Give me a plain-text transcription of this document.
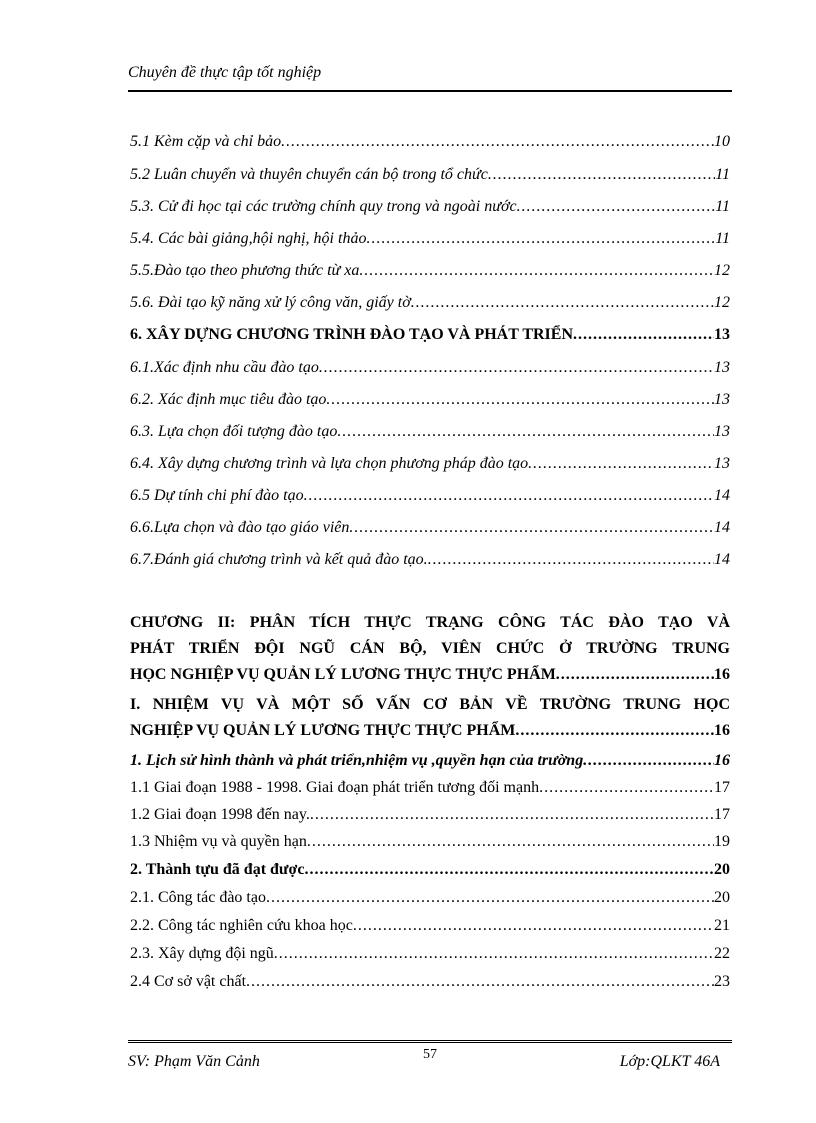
Chuyên đề thực tập tốt nghiệp
5.1 Kèm cặp và chỉ bảo .....	10
5.2 Luân chuyển và thuyên chuyển cán bộ trong tổ chức .....	11
5.3. Cử đi học tại các trường chính quy trong và ngoài nước .....	11
5.4. Các bài giảng,hội nghị, hội thảo .....	11
5.5.Đào tạo theo phương thức từ xa .....	12
5.6. Đài tạo kỹ năng xử lý công văn, giấy tờ .....	12
6. XÂY DỰNG CHƯƠNG TRÌNH ĐÀO TẠO VÀ PHÁT TRIỂN .....	13
6.1.Xác định nhu cầu đào tạo .....	13
6.2. Xác định mục tiêu đào tạo .....	13
6.3. Lựa chọn đối tượng đào tạo .....	13
6.4. Xây dựng chương trình và lựa chọn phương pháp đào tạo .....	13
6.5 Dự tính chi phí đào tạo .....	14
6.6.Lựa chọn và đào tạo giáo viên .....	14
6.7.Đánh giá chương trình và kết quả đào tạo. .....	14
CHƯƠNG II: PHÂN TÍCH THỰC TRẠNG CÔNG TÁC ĐÀO TẠO VÀ
PHÁT TRIỂN ĐỘI NGŨ CÁN BỘ, VIÊN CHỨC Ở TRƯỜNG TRUNG
HỌC NGHIỆP VỤ QUẢN LÝ LƯƠNG THỰC THỰC PHẨM .....	16
I. NHIỆM VỤ VÀ MỘT SỐ VẤN CƠ BẢN VỀ TRƯỜNG TRUNG HỌC
NGHIỆP VỤ QUẢN LÝ LƯƠNG THỰC THỰC PHẨM .....	16
1. Lịch sử hình thành và phát triển,nhiệm vụ ,quyền hạn của trường .....	16
1.1 Giai đoạn 1988 - 1998. Giai đoạn phát triển tương đối mạnh .....	17
1.2 Giai đoạn 1998 đến nay. .....	17
1.3 Nhiệm vụ và quyền hạn .....	19
2. Thành tựu đã đạt được .....	20
2.1. Công tác đào tạo .....	20
2.2. Công tác nghiên cứu khoa học .....	21
2.3. Xây dựng đội ngũ .....	22
2.4 Cơ sở vật chất .....	23
SV: Phạm Văn Cảnh	57	Lớp:QLKT 46A
